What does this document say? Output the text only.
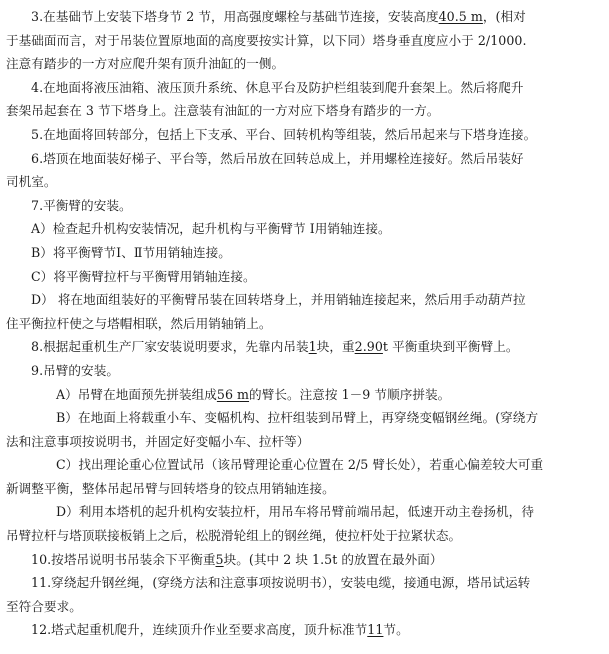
3.在基础节上安装下塔身节 2 节，用高强度螺栓与基础节连接，安装高度40.5 m，(相对
于基础面而言，对于吊装位置原地面的高度要按实计算，以下同）塔身垂直度应小于 2/1000.
注意有踏步的一方对应爬升架有顶升油缸的一侧。
4.在地面将液压油箱、液压顶升系统、休息平台及防护栏组装到爬升套架上。然后将爬升
套架吊起套在 3 节下塔身上。注意装有油缸的一方对应下塔身有踏步的一方。
5.在地面将回转部分，包括上下支承、平台、回转机构等组装，然后吊起来与下塔身连接。
6.塔顶在地面装好梯子、平台等，然后吊放在回转总成上，并用螺栓连接好。然后吊装好
司机室。
7.平衡臂的安装。
A）检查起升机构安装情况，起升机构与平衡臂节 Ⅰ用销轴连接。
B）将平衡臂节Ⅰ、Ⅱ节用销轴连接。
C）将平衡臂拉杆与平衡臂用销轴连接。
D） 将在地面组装好的平衡臂吊装在回转塔身上，并用销轴连接起来，然后用手动葫芦拉
住平衡拉杆使之与塔帽相联，然后用销轴销上。
8.根据起重机生产厂家安装说明要求，先靠内吊装1块，重2.90t 平衡重块到平衡臂上。
9.吊臂的安装。
A）吊臂在地面预先拼装组成56 m的臂长。注意按 1－9 节顺序拼装。
B）在地面上将载重小车、变幅机构、拉杆组装到吊臂上，再穿绕变幅钢丝绳。(穿绕方
法和注意事项按说明书，并固定好变幅小车、拉杆等）
C）找出理论重心位置试吊（该吊臂理论重心位置在 2/5 臂长处），若重心偏差较大可重
新调整平衡，整体吊起吊臂与回转塔身的铰点用销轴连接。
D）利用本塔机的起升机构安装拉杆，用吊车将吊臂前端吊起，低速开动主卷扬机，待
吊臂拉杆与塔顶联接板销上之后，松脱滑轮组上的钢丝绳，使拉杆处于拉紧状态。
10.按塔吊说明书吊装余下平衡重5块。(其中 2 块 1.5t 的放置在最外面）
11.穿绕起升钢丝绳，(穿绕方法和注意事项按说明书），安装电缆，接通电源，塔吊试运转
至符合要求。
12.塔式起重机爬升，连续顶升作业至要求高度，顶升标准节11节。
